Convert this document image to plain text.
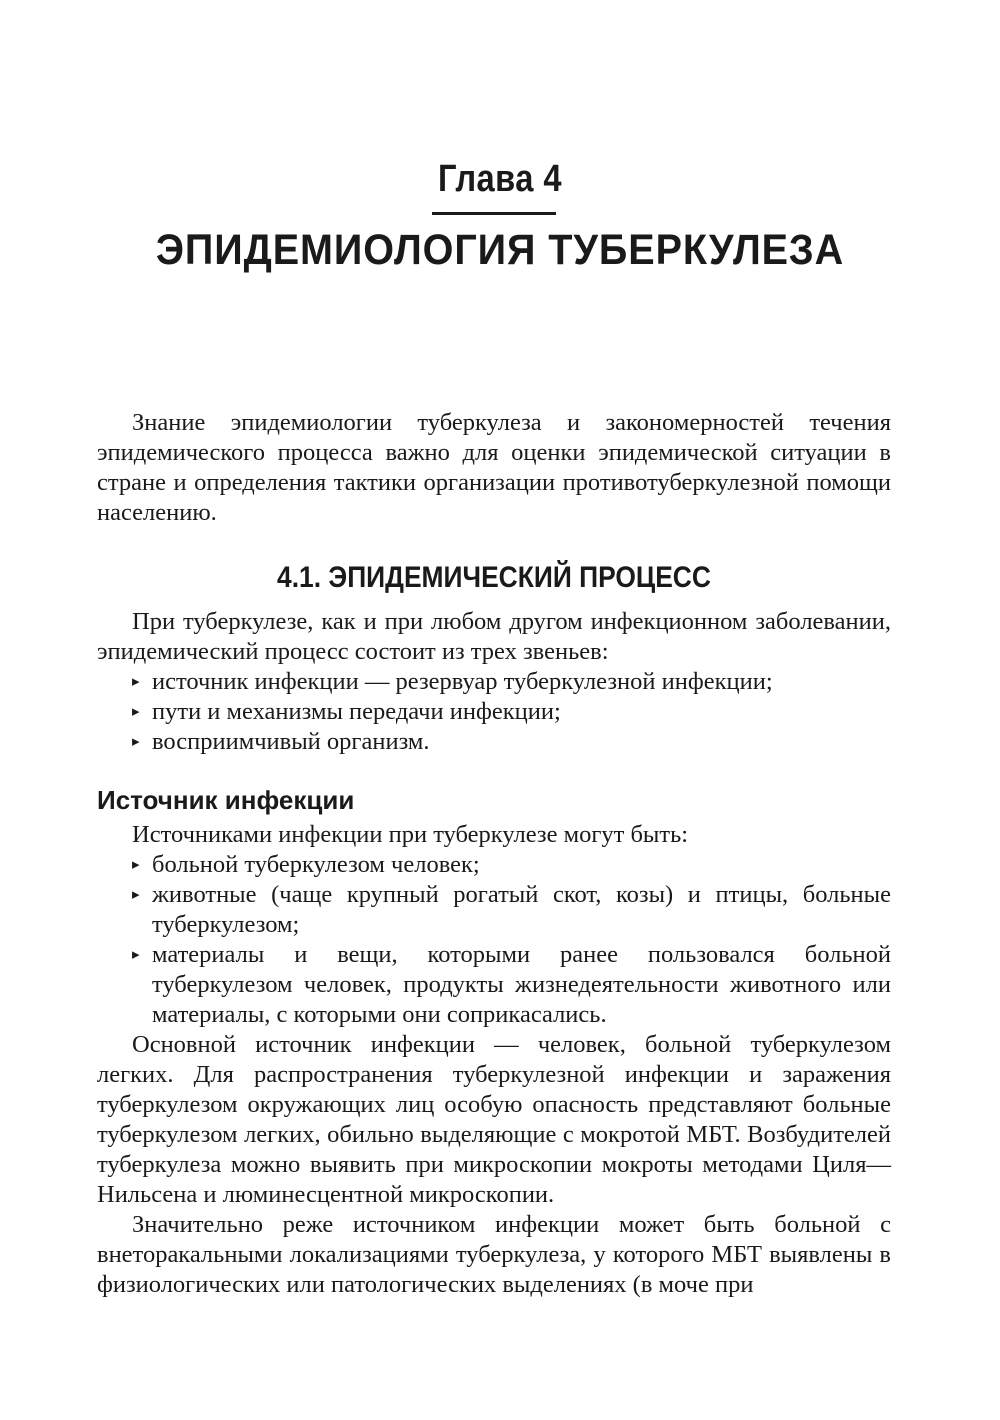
Глава 4
ЭПИДЕМИОЛОГИЯ ТУБЕРКУЛЕЗА

Знание эпидемиологии туберкулеза и закономерностей течения эпидемического процесса важно для оценки эпидемической ситуации в стране и определения тактики организации противотуберкулезной помощи населению.

4.1. ЭПИДЕМИЧЕСКИЙ ПРОЦЕСС

При туберкулезе, как и при любом другом инфекционном заболевании, эпидемический процесс состоит из трех звеньев:

▸ источник инфекции — резервуар туберкулезной инфекции;
▸ пути и механизмы передачи инфекции;
▸ восприимчивый организм.
Источник инфекции

Источниками инфекции при туберкулезе могут быть:

▸ больной туберкулезом человек;
▸ животные (чаще крупный рогатый скот, козы) и птицы, больные туберкулезом;
▸ материалы и вещи, которыми ранее пользовался больной туберкулезом человек, продукты жизнедеятельности животного или материалы, с которыми они соприкасались.

Основной источник инфекции — человек, больной туберкулезом легких. Для распространения туберкулезной инфекции и заражения туберкулезом окружающих лиц особую опасность представляют больные туберкулезом легких, обильно выделяющие с мокротой МБТ. Возбудителей туберкулеза можно выявить при микроскопии мокроты методами Циля—Нильсена и люминесцентной микроскопии.

Значительно реже источником инфекции может быть больной с внеторакальными локализациями туберкулеза, у которого МБТ выявлены в физиологических или патологических выделениях (в моче при
